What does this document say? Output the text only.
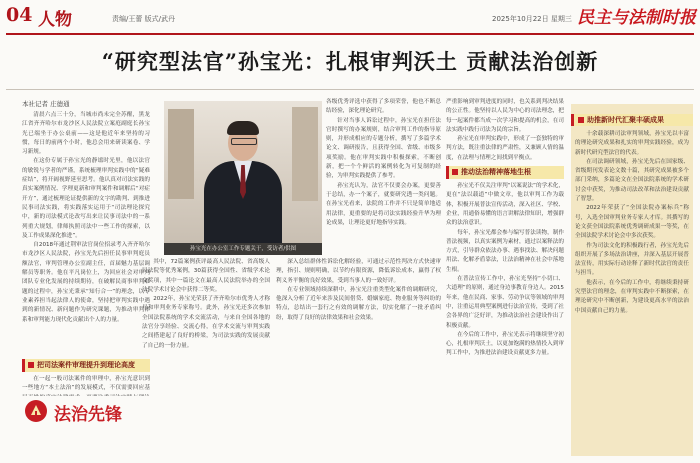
04 人物	责编/王蕾 版式/武丹	2025年10月22日 星期三 民主与法制时报
“研究型法官”孙宝光：扎根审判沃土 贡献法治创新
本社记者 庄德通

清晨六点三十分，当城市尚未完全苏醒，黑龙江省齐齐哈尔市龙沙区人民法院立案庭副庭长孙宝光已端坐于办公桌前——这是他近年来坚持的习惯，每日的前两个小时，他总会用来研读案卷、学习新规。

在这份专属于孙宝光的静谧时光里，他以法官的敏锐与学者的严谨，系统梳理审判实践中的“疑难症结”，将开阔视野延至思考。他认真对司法实践的真实案例情况、学理更新和审判案件和调解后“对症开方”，通过梳理论证提供新的文字的勘判、到推进民事司法实践，将实践落实运用于“司法理论探究中，新的司法模式论改写出来让民事司法中的一系列重大规划，律师执照司法中一些工作的探索，以及工作成果深化推进”。

自2018年通过荆审法官岗位招录考入齐齐哈尔市龙沙区人民法院，孙宝光先后担任民事审判庭员额法官，审判管理办公室副主任，首届魅力基层调解员等职务。他在平凡岗位上，为回应社会对审判团队专业化发展的持续期待，在破解民商事审判难题的过程中，孙宝光秉承“知行合一”的理念，以专业素养担当起法律人的使命，坚持把审判实践中遇到的新情况、新问题作为研究课题，为推动审判体系和审判能力现代化贡献出个人的力量。

把司法案件审理提升到理论高度

在一起一般司法案件的审理中，孙宝光意识到一些地方“本土法治”的发展模式，不仅需要回应基

法治先锋
孙宝光在办公室工作专题关于，受访者/供图

其中，72篇案例获评最高人民法院、省高级人民法院等优秀案例，30篇获得全国性、省级学术论文奖项，其中一篇论文在最高人民法院举办的全国法院学术讨论会中获得二等奖。

2022年，孙宝光荣获了齐齐哈尔市优秀人才称号和审判业务专家称号。此外，孙宝光还多次参加全国法院系统的学术交流活动，与来自全国各地的法官分享经验、交流心得，在学术交流与审判实践之间搭建起了良好的桥梁，为司法实践的发展贡献了自己的一份力量。

各级优秀评选中获得了多项荣誉，他也不断总结经验，深化理论研究。

针对当事人诉讼过程中，孙宝光在担任法官时撰写的办案规则，结合审判工作的指导原则，并形成相应的专题分析，撰写了多篇学术论文、调研报告，且获得全国、省级、市级多项奖励。他在审判实践中积极探索，不断创新，把一个个鲜活的案例转化为可复制的经验，为审判实践提供了参考。

孙宝光认为，法官不仅要会办案，更要善于总结，办一个案子，就要研究透一类问题。在孙宝光看来，法院的工作并不只是简单地适用法律，更重要的是将司法实践经验升华为理论成果，让理论更好地指导实践。

深入总结群体性诉讼化解经验，可通过示范性判决方式快速审理，指引、规则明确，以节约有限资源，降低诉讼成本，赢得了权利义务平衡的良好效果，受到当事人的一致好评。

在专业领域持续深耕中，孙宝光注重类型化案件的调解研究，他深入分析了近年来涉及民间借贷、婚姻家庭、物业服务等纠纷的特点，总结出一套行之有效的调解方法，切实化解了一批矛盾纠纷，取得了良好的法律效果和社会效果。

严重影响到审判进度的同时，也关系到判决结果的公正性。他坚持以人民为中心的司法理念，把每一起案件都当成一次学习和提高的机会，在司法实践中践行司法为民的宗旨。

孙宝光在审判实践中，形成了一套独特的审判方法，既注重法律的严肃性，又兼顾人情的温度，在法理与情理之间找到平衡点。

推动法治精神落地生根

孙宝光不仅关注审判“以案说法”的学术化，更在“法以载道”中做文章，他以审判工作为载体，积极开展普法宣传活动，深入社区、学校、企业，用通俗易懂的语言讲解法律知识，增强群众的法治意识。

每年，孙宝光都会参与编写普法读物，制作普法视频，以真实案例为素材，通过以案释法的方式，引导群众依法办事、遇事找法、解决问题用法、化解矛盾靠法，让法治精神在社会中落地生根。

在普法宣传工作中，孙宝光坚持“小切口、大道理”的原则，通过身边事教育身边人。2015年来，他在民商、家事、劳动争议等领域的审判中，注重运用典型案例进行法治宣传，受到了社会各界的广泛好评，为推动法治社会建设作出了积极贡献。

在今后的工作中，孙宝光表示将继续坚守初心，扎根审判沃土，以更加饱满的热情投入到审判工作中，为推进法治建设贡献更多力量。

助推新时代汇聚丰硕成果

十余载深耕司法审判领域，孙宝光以丰富的理论研究成果和扎实的审判实践经验，成为新时代研究型法官的代表。

在司法调研领域，孙宝光先后在国家级、省级期刊发表论文数十篇，其研究成果被多个部门采纳，多篇论文在全国法院系统的学术研讨会中获奖，为推动司法改革和法治建设贡献了智慧。

2022年荣获了“全国法院办案标兵”称号，入选全国审判业务专家人才库。其撰写的论文获全国法院系统优秀调研成果一等奖，在全国法院学术讨论会中多次获奖。

作为司法文化的积极践行者，孙宝光先后组织开展了多场法治讲座，并深入基层开展普法宣传，用实际行动诠释了新时代法官的责任与担当。

他表示，在今后的工作中，将继续秉持研究型法官的理念，在审判实践中不断探索，在理论研究中不断创新，为建设更高水平的法治中国贡献自己的力量。
